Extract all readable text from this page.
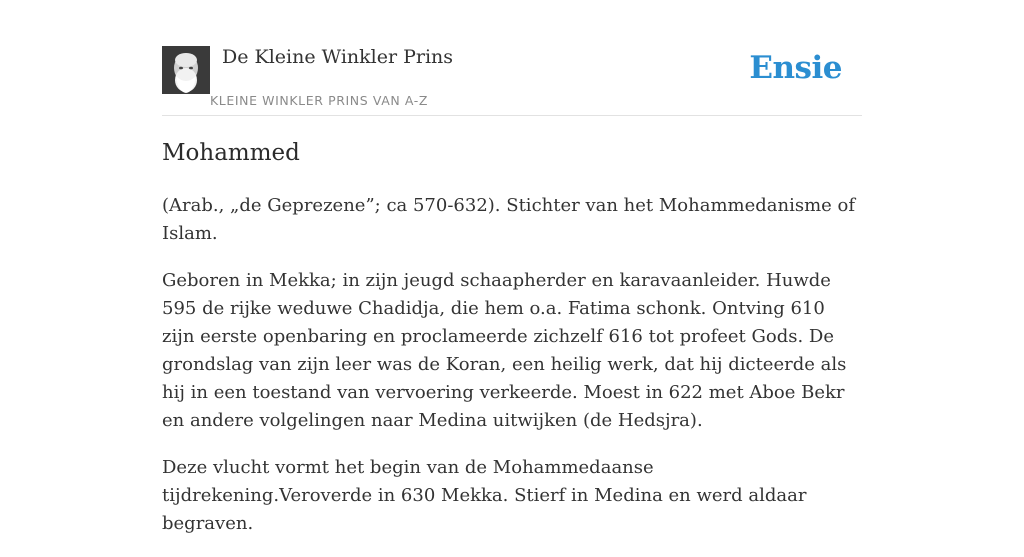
De Kleine Winkler Prins
KLEINE WINKLER PRINS VAN A-Z
Ensie
Mohammed

(Arab., „de Geprezene”; ca 570-632). Stichter van het Mohammedanisme of Islam.

Geboren in Mekka; in zijn jeugd schaapherder en karavaanleider. Huwde 595 de rijke weduwe Chadidja, die hem o.a. Fatima schonk. Ontving 610 zijn eerste openbaring en proclameerde zichzelf 616 tot profeet Gods. De grondslag van zijn leer was de Koran, een heilig werk, dat hij dicteerde als hij in een toestand van vervoering verkeerde. Moest in 622 met Aboe Bekr en andere volgelingen naar Medina uitwijken (de Hedsjra).

Deze vlucht vormt het begin van de Mohammedaanse tijdrekening.Veroverde in 630 Mekka. Stierf in Medina en werd aldaar begraven.
